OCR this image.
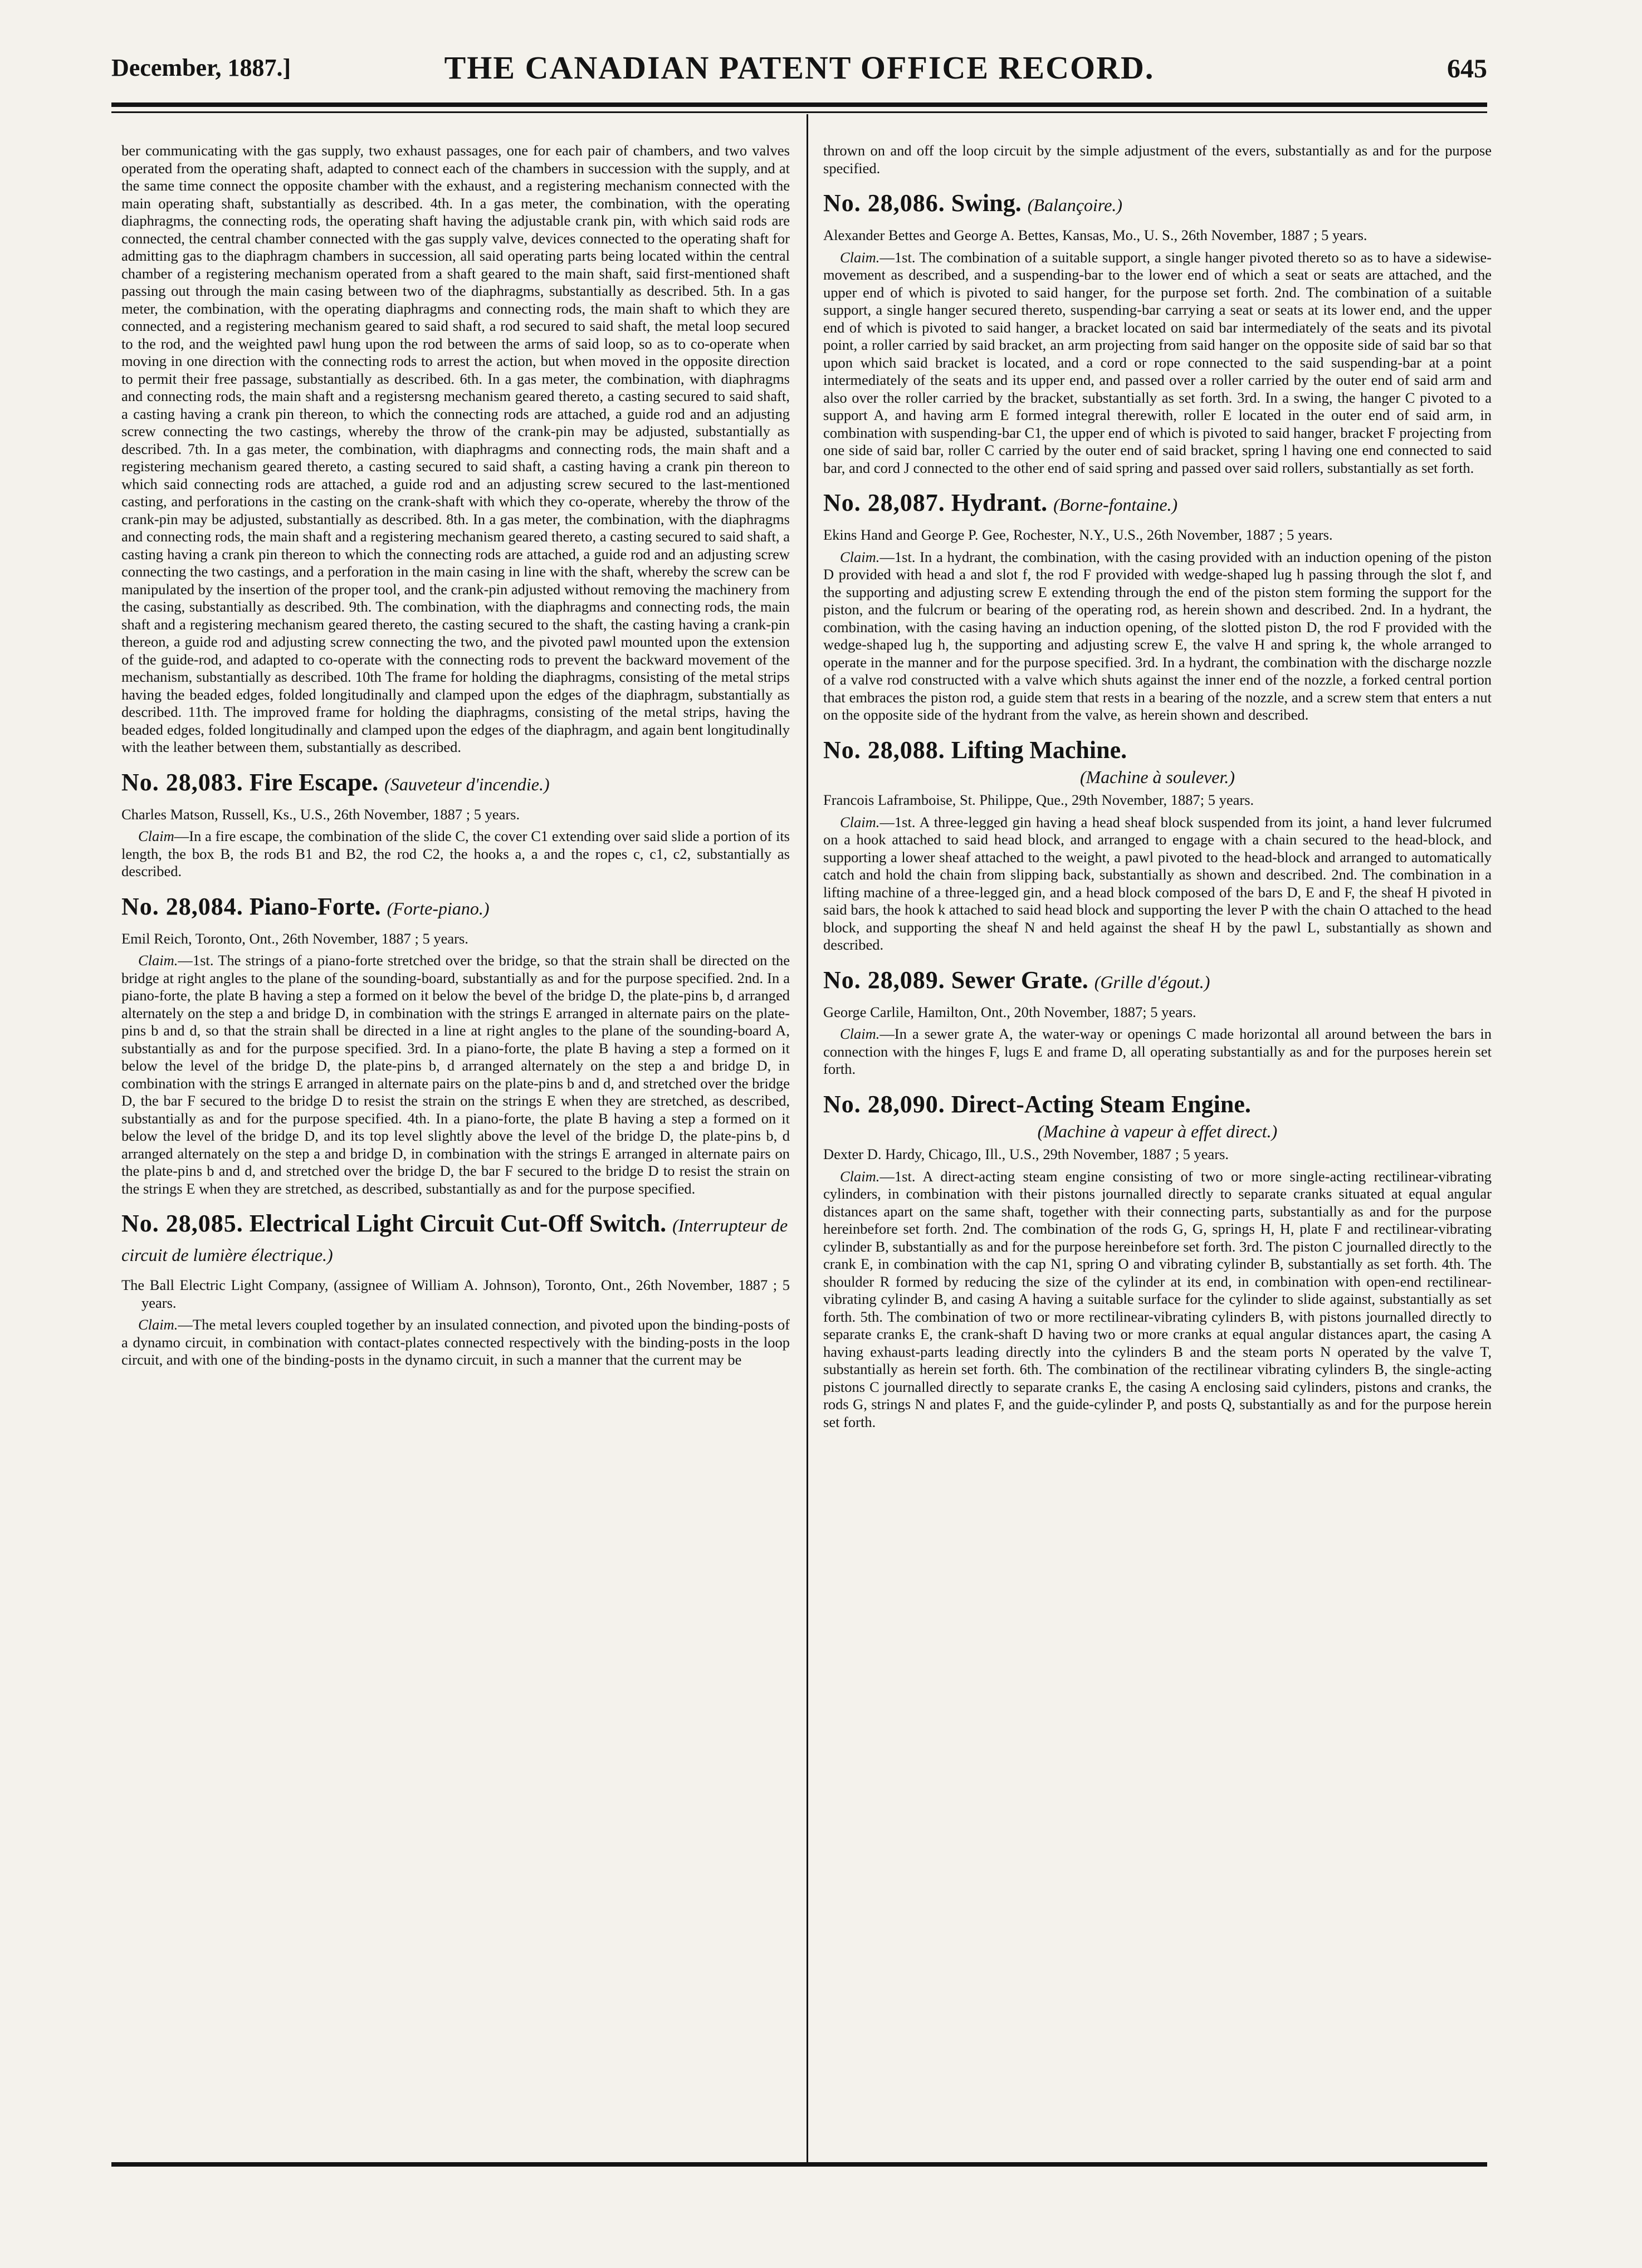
December, 1887.]	THE CANADIAN PATENT OFFICE RECORD.	645

ber communicating with the gas supply, two exhaust passages, one for each pair of chambers, and two valves operated from the operating shaft, adapted to connect each of the chambers in succession with the supply, and at the same time connect the opposite chamber with the exhaust, and a registering mechanism connected with the main operating shaft, substantially as described. 4th. In a gas meter, the combination, with the operating diaphragms, the connecting rods, the operating shaft having the adjustable crank pin, with which said rods are connected, the central chamber connected with the gas supply valve, devices connected to the operating shaft for admitting gas to the diaphragm chambers in succession, all said operating parts being located within the central chamber of a registering mechanism operated from a shaft geared to the main shaft, said first-mentioned shaft passing out through the main casing between two of the diaphragms, substantially as described. 5th. In a gas meter, the combination, with the operating diaphragms and connecting rods, the main shaft to which they are connected, and a registering mechanism geared to said shaft, a rod secured to said shaft, the metal loop secured to the rod, and the weighted pawl hung upon the rod between the arms of said loop, so as to co-operate when moving in one direction with the connecting rods to arrest the action, but when moved in the opposite direction to permit their free passage, substantially as described. 6th. In a gas meter, the combination, with diaphragms and connecting rods, the main shaft and a registersng mechanism geared thereto, a casting secured to said shaft, a casting having a crank pin thereon, to which the connecting rods are attached, a guide rod and an adjusting screw connecting the two castings, whereby the throw of the crank-pin may be adjusted, substantially as described. 7th. In a gas meter, the combination, with diaphragms and connecting rods, the main shaft and a registering mechanism geared thereto, a casting secured to said shaft, a casting having a crank pin thereon to which said connecting rods are attached, a guide rod and an adjusting screw secured to the last-mentioned casting, and perforations in the casting on the crank-shaft with which they co-operate, whereby the throw of the crank-pin may be adjusted, substantially as described. 8th. In a gas meter, the combination, with the diaphragms and connecting rods, the main shaft and a registering mechanism geared thereto, a casting secured to said shaft, a casting having a crank pin thereon to which the connecting rods are attached, a guide rod and an adjusting screw connecting the two castings, and a perforation in the main casing in line with the shaft, whereby the screw can be manipulated by the insertion of the proper tool, and the crank-pin adjusted without removing the machinery from the casing, substantially as described. 9th. The combination, with the diaphragms and connecting rods, the main shaft and a registering mechanism geared thereto, the casting secured to the shaft, the casting having a crank-pin thereon, a guide rod and adjusting screw connecting the two, and the pivoted pawl mounted upon the extension of the guide-rod, and adapted to co-operate with the connecting rods to prevent the backward movement of the mechanism, substantially as described. 10th The frame for holding the diaphragms, consisting of the metal strips having the beaded edges, folded longitudinally and clamped upon the edges of the diaphragm, substantially as described. 11th. The improved frame for holding the diaphragms, consisting of the metal strips, having the beaded edges, folded longitudinally and clamped upon the edges of the diaphragm, and again bent longitudinally with the leather between them, substantially as described.

No. 28,083. Fire Escape. (Sauveteur d'incendie.)

Charles Matson, Russell, Ks., U.S., 26th November, 1887 ; 5 years.

Claim—In a fire escape, the combination of the slide C, the cover C1 extending over said slide a portion of its length, the box B, the rods B1 and B2, the rod C2, the hooks a, a and the ropes c, c1, c2, substantially as described.

No. 28,084. Piano-Forte. (Forte-piano.)

Emil Reich, Toronto, Ont., 26th November, 1887 ; 5 years.

Claim.—1st. The strings of a piano-forte stretched over the bridge, so that the strain shall be directed on the bridge at right angles to the plane of the sounding-board, substantially as and for the purpose specified. 2nd. In a piano-forte, the plate B having a step a formed on it below the bevel of the bridge D, the plate-pins b, d arranged alternately on the step a and bridge D, in combination with the strings E arranged in alternate pairs on the plate-pins b and d, so that the strain shall be directed in a line at right angles to the plane of the sounding-board A, substantially as and for the purpose specified. 3rd. In a piano-forte, the plate B having a step a formed on it below the level of the bridge D, the plate-pins b, d arranged alternately on the step a and bridge D, in combination with the strings E arranged in alternate pairs on the plate-pins b and d, and stretched over the bridge D, the bar F secured to the bridge D to resist the strain on the strings E when they are stretched, as described, substantially as and for the purpose specified. 4th. In a piano-forte, the plate B having a step a formed on it below the level of the bridge D, and its top level slightly above the level of the bridge D, the plate-pins b, d arranged alternately on the step a and bridge D, in combination with the strings E arranged in alternate pairs on the plate-pins b and d, and stretched over the bridge D, the bar F secured to the bridge D to resist the strain on the strings E when they are stretched, as described, substantially as and for the purpose specified.

No. 28,085. Electrical Light Circuit Cut-Off Switch. (Interrupteur de circuit de lumière électrique.)

The Ball Electric Light Company, (assignee of William A. Johnson), Toronto, Ont., 26th November, 1887 ; 5 years.

Claim.—The metal levers coupled together by an insulated connection, and pivoted upon the binding-posts of a dynamo circuit, in combination with contact-plates connected respectively with the binding-posts in the loop circuit, and with one of the binding-posts in the dynamo circuit, in such a manner that the current may be

thrown on and off the loop circuit by the simple adjustment of the evers, substantially as and for the purpose specified.

No. 28,086. Swing. (Balançoire.)

Alexander Bettes and George A. Bettes, Kansas, Mo., U. S., 26th November, 1887 ; 5 years.

Claim.—1st. The combination of a suitable support, a single hanger pivoted thereto so as to have a sidewise-movement as described, and a suspending-bar to the lower end of which a seat or seats are attached, and the upper end of which is pivoted to said hanger, for the purpose set forth. 2nd. The combination of a suitable support, a single hanger secured thereto, suspending-bar carrying a seat or seats at its lower end, and the upper end of which is pivoted to said hanger, a bracket located on said bar intermediately of the seats and its pivotal point, a roller carried by said bracket, an arm projecting from said hanger on the opposite side of said bar so that upon which said bracket is located, and a cord or rope connected to the said suspending-bar at a point intermediately of the seats and its upper end, and passed over a roller carried by the outer end of said arm and also over the roller carried by the bracket, substantially as set forth. 3rd. In a swing, the hanger C pivoted to a support A, and having arm E formed integral therewith, roller E located in the outer end of said arm, in combination with suspending-bar C1, the upper end of which is pivoted to said hanger, bracket F projecting from one side of said bar, roller C carried by the outer end of said bracket, spring l having one end connected to said bar, and cord J connected to the other end of said spring and passed over said rollers, substantially as set forth.

No. 28,087. Hydrant. (Borne-fontaine.)

Ekins Hand and George P. Gee, Rochester, N.Y., U.S., 26th November, 1887 ; 5 years.

Claim.—1st. In a hydrant, the combination, with the casing provided with an induction opening of the piston D provided with head a and slot f, the rod F provided with wedge-shaped lug h passing through the slot f, and the supporting and adjusting screw E extending through the end of the piston stem forming the support for the piston, and the fulcrum or bearing of the operating rod, as herein shown and described. 2nd. In a hydrant, the combination, with the casing having an induction opening, of the slotted piston D, the rod F provided with the wedge-shaped lug h, the supporting and adjusting screw E, the valve H and spring k, the whole arranged to operate in the manner and for the purpose specified. 3rd. In a hydrant, the combination with the discharge nozzle of a valve rod constructed with a valve which shuts against the inner end of the nozzle, a forked central portion that embraces the piston rod, a guide stem that rests in a bearing of the nozzle, and a screw stem that enters a nut on the opposite side of the hydrant from the valve, as herein shown and described.

No. 28,088. Lifting Machine.

(Machine à soulever.)

Francois Laframboise, St. Philippe, Que., 29th November, 1887; 5 years.

Claim.—1st. A three-legged gin having a head sheaf block suspended from its joint, a hand lever fulcrumed on a hook attached to said head block, and arranged to engage with a chain secured to the head-block, and supporting a lower sheaf attached to the weight, a pawl pivoted to the head-block and arranged to automatically catch and hold the chain from slipping back, substantially as shown and described. 2nd. The combination in a lifting machine of a three-legged gin, and a head block composed of the bars D, E and F, the sheaf H pivoted in said bars, the hook k attached to said head block and supporting the lever P with the chain O attached to the head block, and supporting the sheaf N and held against the sheaf H by the pawl L, substantially as shown and described.

No. 28,089. Sewer Grate. (Grille d'égout.)

George Carlile, Hamilton, Ont., 20th November, 1887; 5 years.

Claim.—In a sewer grate A, the water-way or openings C made horizontal all around between the bars in connection with the hinges F, lugs E and frame D, all operating substantially as and for the purposes herein set forth.

No. 28,090. Direct-Acting Steam Engine.

(Machine à vapeur à effet direct.)

Dexter D. Hardy, Chicago, Ill., U.S., 29th November, 1887 ; 5 years.

Claim.—1st. A direct-acting steam engine consisting of two or more single-acting rectilinear-vibrating cylinders, in combination with their pistons journalled directly to separate cranks situated at equal angular distances apart on the same shaft, together with their connecting parts, substantially as and for the purpose hereinbefore set forth. 2nd. The combination of the rods G, G, springs H, H, plate F and rectilinear-vibrating cylinder B, substantially as and for the purpose hereinbefore set forth. 3rd. The piston C journalled directly to the crank E, in combination with the cap N1, spring O and vibrating cylinder B, substantially as set forth. 4th. The shoulder R formed by reducing the size of the cylinder at its end, in combination with open-end rectilinear-vibrating cylinder B, and casing A having a suitable surface for the cylinder to slide against, substantially as set forth. 5th. The combination of two or more rectilinear-vibrating cylinders B, with pistons journalled directly to separate cranks E, the crank-shaft D having two or more cranks at equal angular distances apart, the casing A having exhaust-parts leading directly into the cylinders B and the steam ports N operated by the valve T, substantially as herein set forth. 6th. The combination of the rectilinear vibrating cylinders B, the single-acting pistons C journalled directly to separate cranks E, the casing A enclosing said cylinders, pistons and cranks, the rods G, strings N and plates F, and the guide-cylinder P, and posts Q, substantially as and for the purpose herein set forth.
